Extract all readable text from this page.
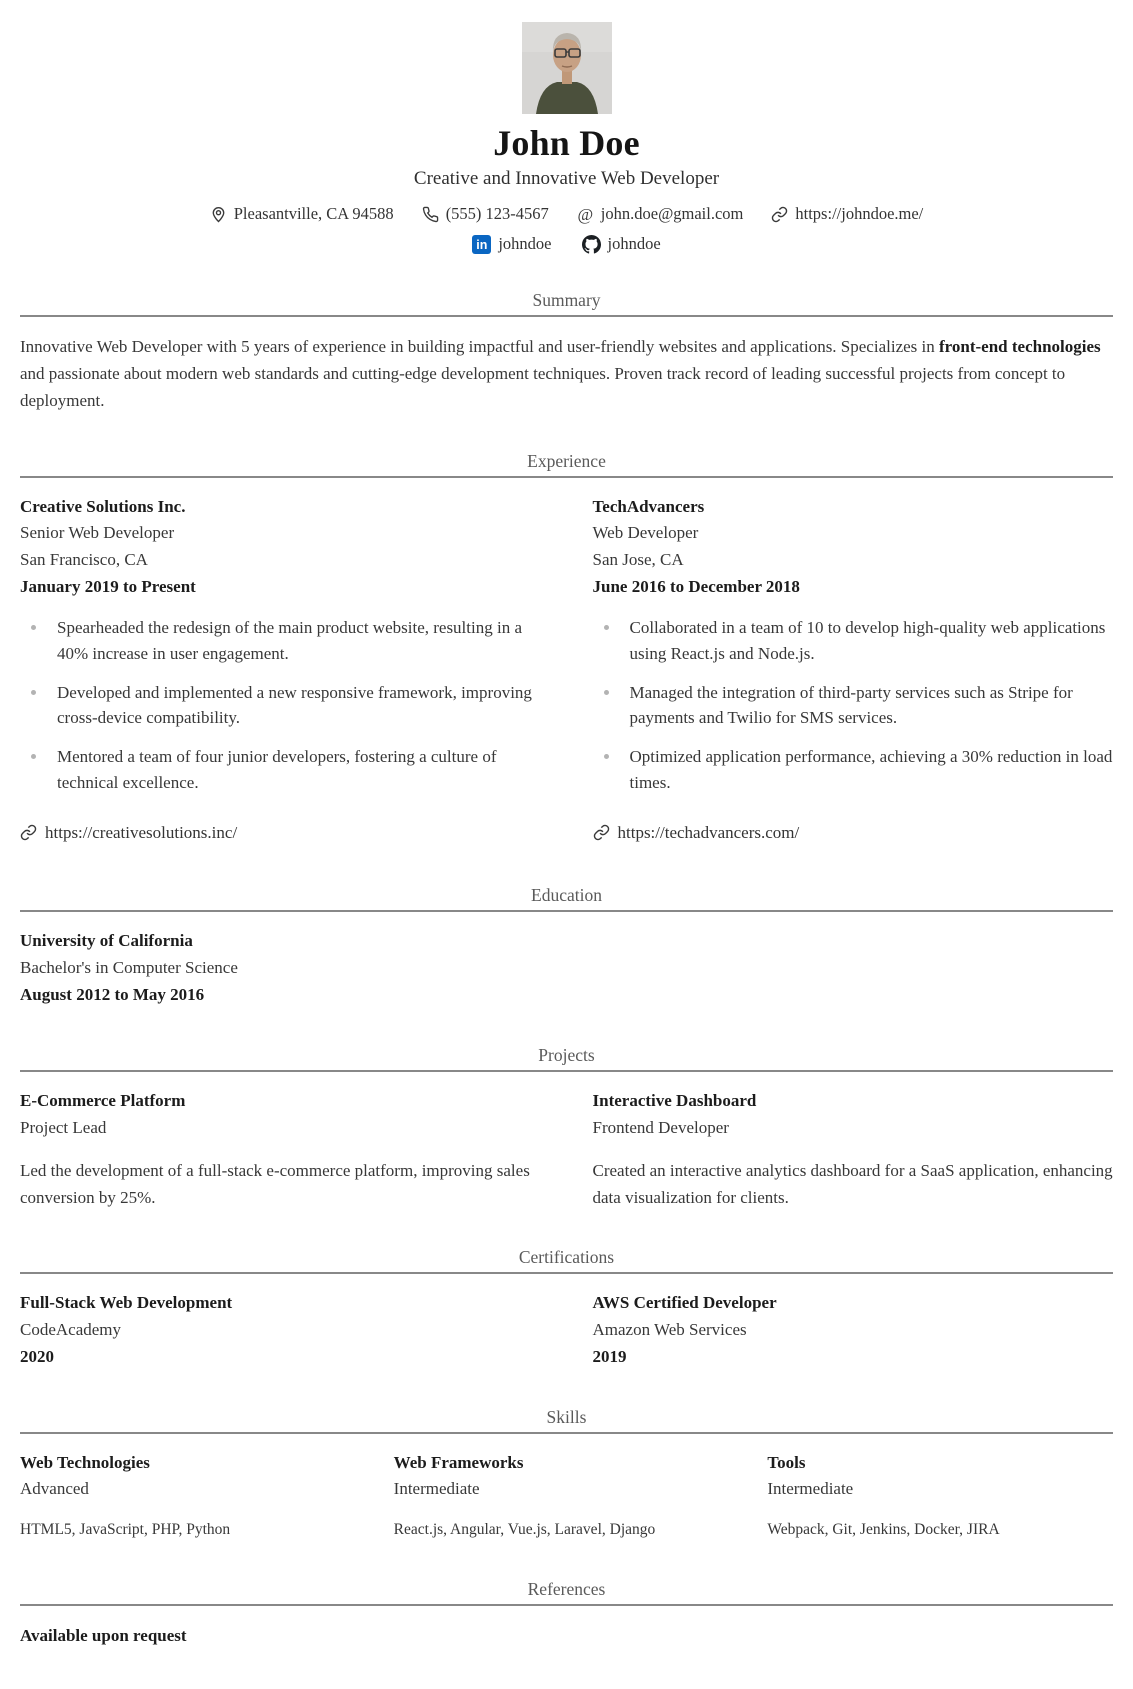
John Doe
Creative and Innovative Web Developer
Pleasantville, CA 94588	(555) 123-4567 @ john.doe@gmail.com	https://johndoe.me/
in johndoe	johndoe
Summary
Innovative Web Developer with 5 years of experience in building impactful and user-friendly websites and applications. Specializes in front-end technologies and passionate about modern web standards and cutting-edge development techniques. Proven track record of leading successful projects from concept to deployment.
Experience
Creative Solutions Inc.
Senior Web Developer
San Francisco, CA
January 2019 to Present
Spearheaded the redesign of the main product website, resulting in a 40% increase in user engagement.
Developed and implemented a new responsive framework, improving cross-device compatibility.
Mentored a team of four junior developers, fostering a culture of technical excellence.
https://creativesolutions.inc/
TechAdvancers
Web Developer
San Jose, CA
June 2016 to December 2018
Collaborated in a team of 10 to develop high-quality web applications using React.js and Node.js.
Managed the integration of third-party services such as Stripe for payments and Twilio for SMS services.
Optimized application performance, achieving a 30% reduction in load times.
https://techadvancers.com/
Education
University of California
Bachelor's in Computer Science
August 2012 to May 2016
Projects
E-Commerce Platform
Project Lead
Led the development of a full-stack e-commerce platform, improving sales conversion by 25%.
Interactive Dashboard
Frontend Developer
Created an interactive analytics dashboard for a SaaS application, enhancing data visualization for clients.
Certifications
Full-Stack Web Development
CodeAcademy
2020
AWS Certified Developer
Amazon Web Services
2019
Skills
Web Technologies
Advanced
HTML5, JavaScript, PHP, Python
Web Frameworks
Intermediate
React.js, Angular, Vue.js, Laravel, Django
Tools
Intermediate
Webpack, Git, Jenkins, Docker, JIRA
References
Available upon request
